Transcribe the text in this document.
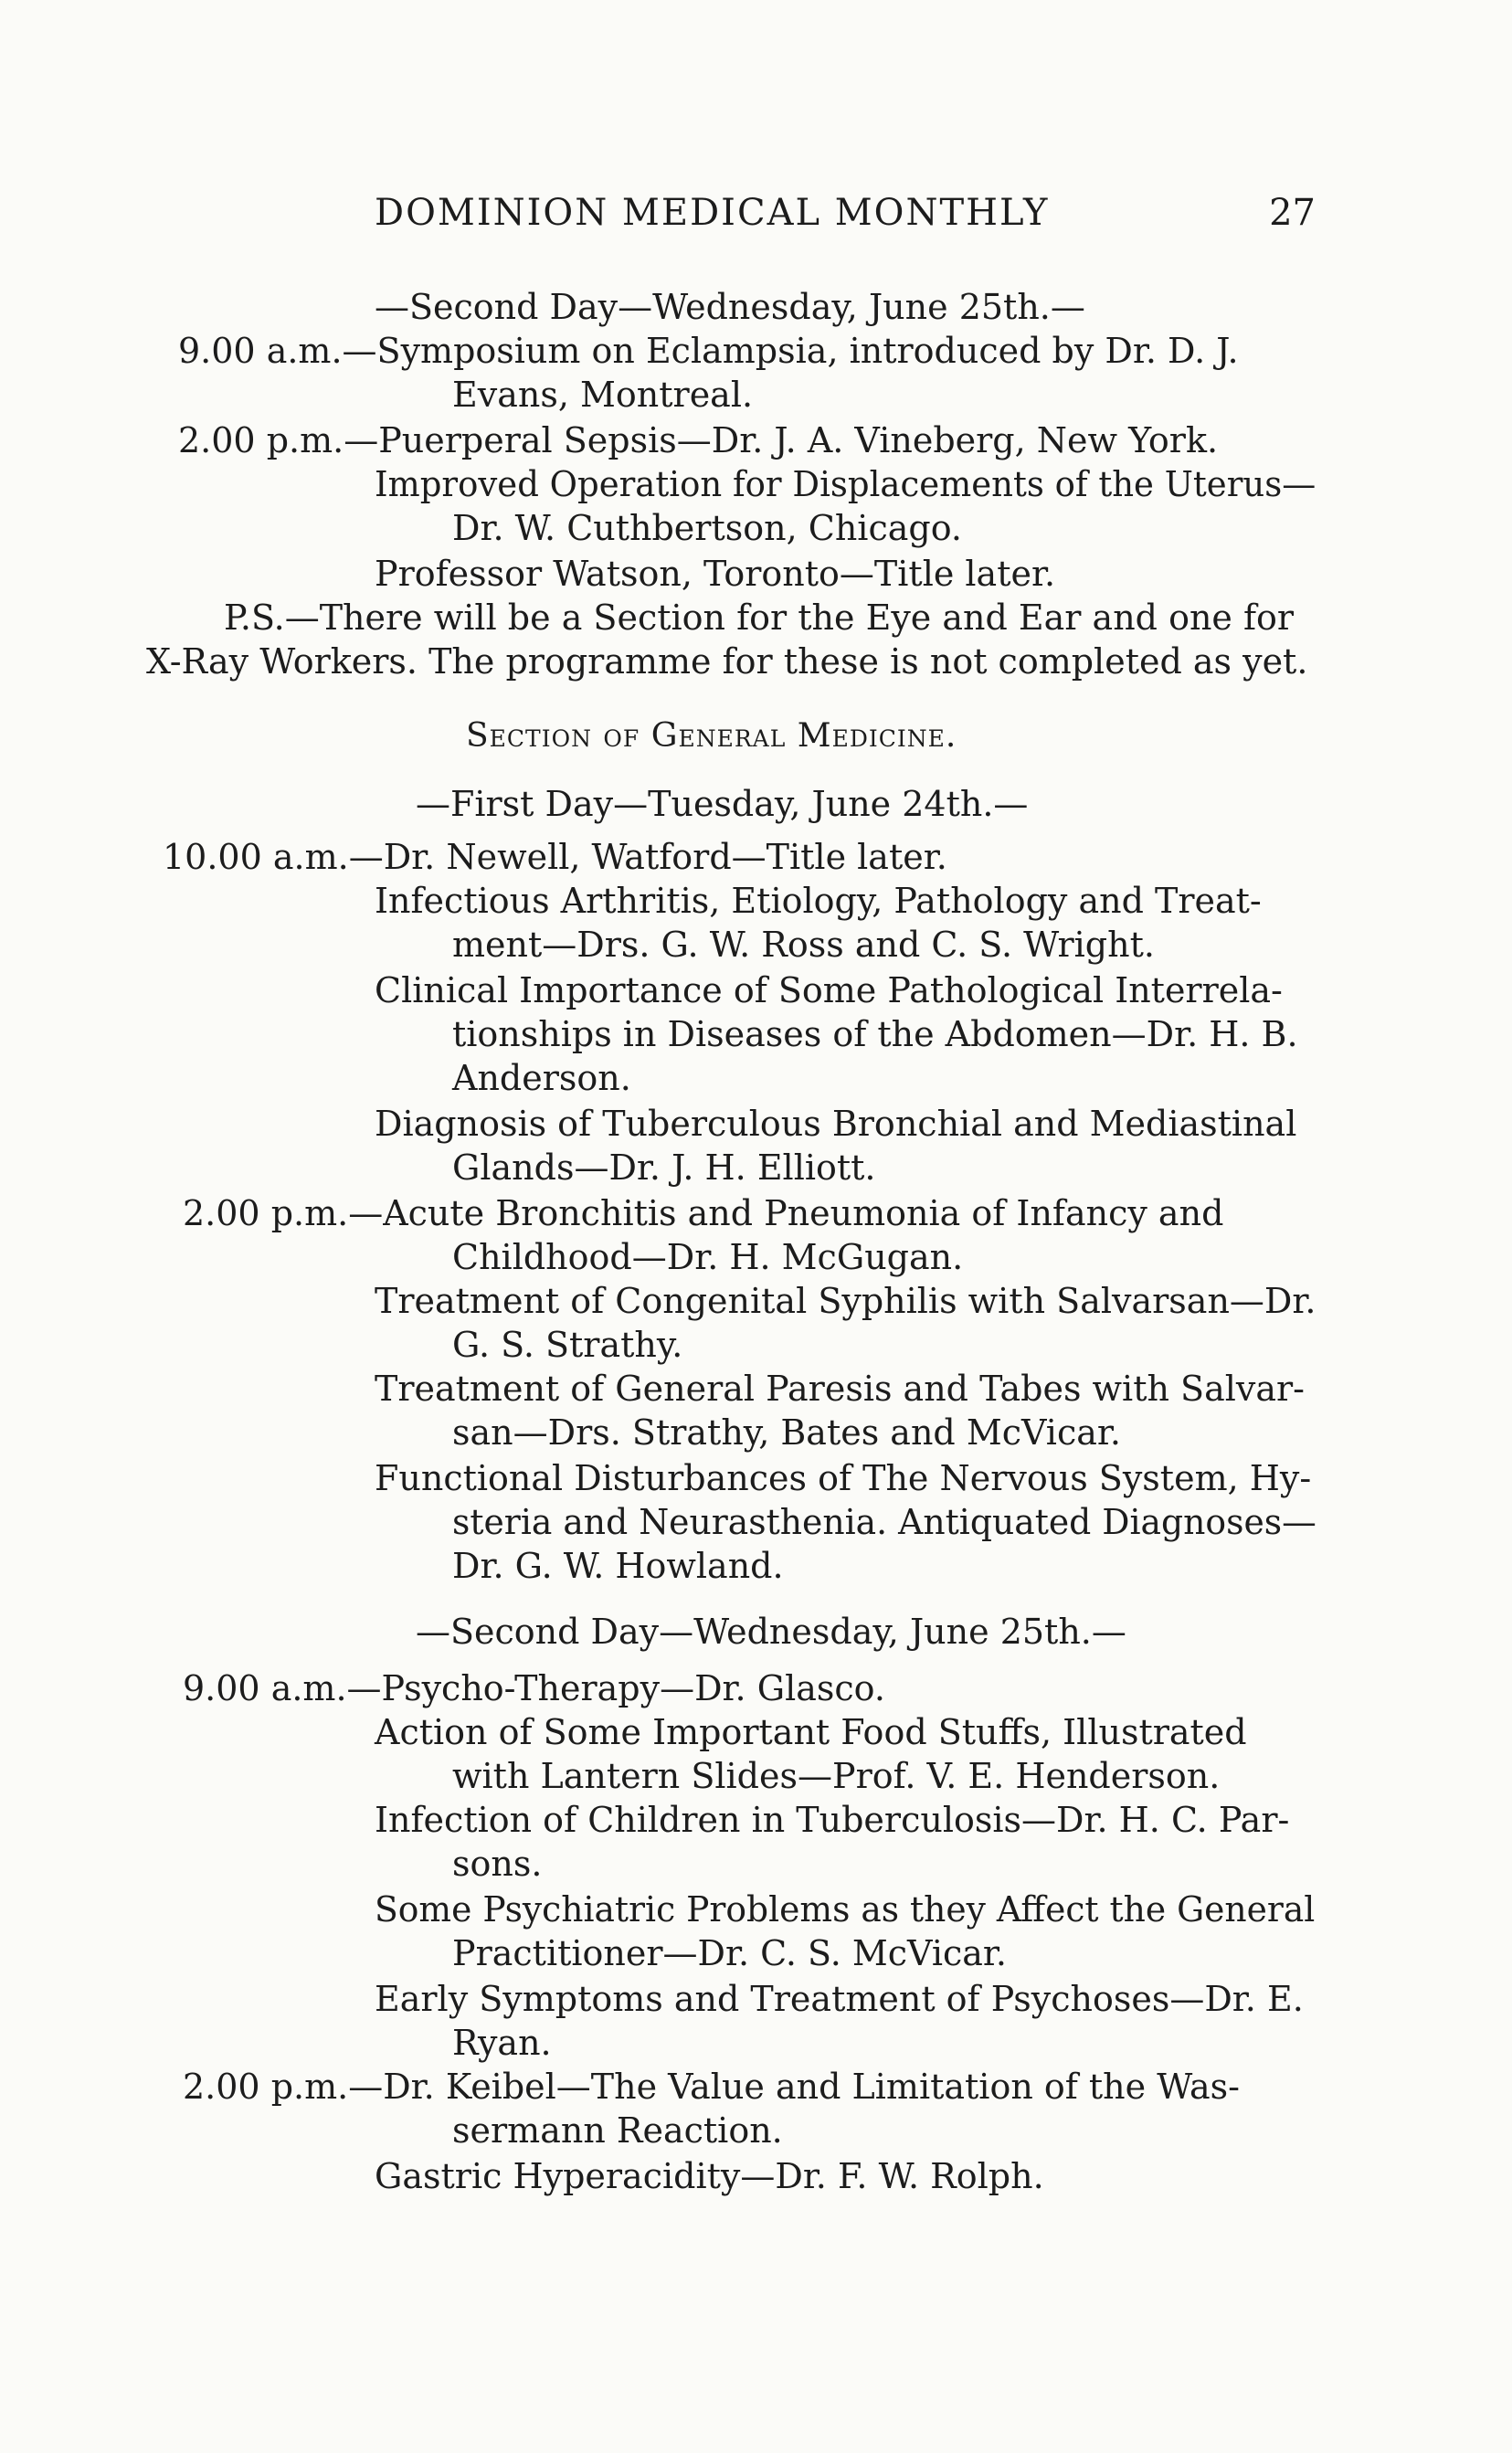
DOMINION MEDICAL MONTHLY	27
—Second Day—Wednesday, June 25th.—
9.00 a.m.—Symposium on Eclampsia, introduced by Dr. D. J.
Evans, Montreal.
2.00 p.m.—Puerperal Sepsis—Dr. J. A. Vineberg, New York.
Improved Operation for Displacements of the Uterus—
Dr. W. Cuthbertson, Chicago.
Professor Watson, Toronto—Title later.
P.S.—There will be a Section for the Eye and Ear and one for
X-Ray Workers. The programme for these is not completed as yet.
Section of General Medicine.
—First Day—Tuesday, June 24th.—
10.00 a.m.—Dr. Newell, Watford—Title later.
Infectious Arthritis, Etiology, Pathology and Treat-
ment—Drs. G. W. Ross and C. S. Wright.
Clinical Importance of Some Pathological Interrela-
tionships in Diseases of the Abdomen—Dr. H. B.
Anderson.
Diagnosis of Tuberculous Bronchial and Mediastinal
Glands—Dr. J. H. Elliott.
2.00 p.m.—Acute Bronchitis and Pneumonia of Infancy and
Childhood—Dr. H. McGugan.
Treatment of Congenital Syphilis with Salvarsan—Dr.
G. S. Strathy.
Treatment of General Paresis and Tabes with Salvar-
san—Drs. Strathy, Bates and McVicar.
Functional Disturbances of The Nervous System, Hy-
steria and Neurasthenia. Antiquated Diagnoses—
Dr. G. W. Howland.
—Second Day—Wednesday, June 25th.—
9.00 a.m.—Psycho-Therapy—Dr. Glasco.
Action of Some Important Food Stuffs, Illustrated
with Lantern Slides—Prof. V. E. Henderson.
Infection of Children in Tuberculosis—Dr. H. C. Par-
sons.
Some Psychiatric Problems as they Affect the General
Practitioner—Dr. C. S. McVicar.
Early Symptoms and Treatment of Psychoses—Dr. E.
Ryan.
2.00 p.m.—Dr. Keibel—The Value and Limitation of the Was-
sermann Reaction.
Gastric Hyperacidity—Dr. F. W. Rolph.
